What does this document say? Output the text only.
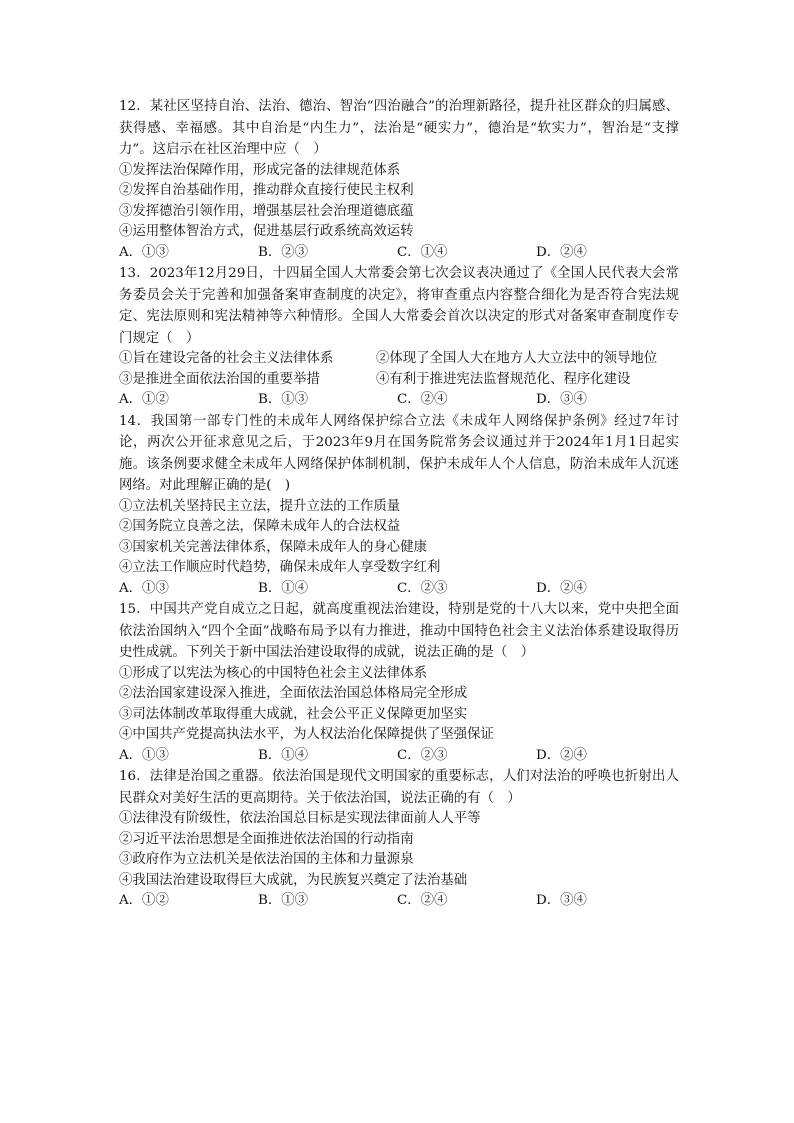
12．某社区坚持自治、法治、德治、智治“四治融合”的治理新路径，提升社区群众的归属感、获得感、幸福感。其中自治是“内生力”，法治是“硬实力”，德治是“软实力”，智治是“支撑力”。这启示在社区治理中应（　）

①发挥法治保障作用，形成完备的法律规范体系

②发挥自治基础作用，推动群众直接行使民主权利

③发挥德治引领作用，增强基层社会治理道德底蕴

④运用整体智治方式，促进基层行政系统高效运转

A．①③	B．②③	C．①④	D．②④

13．2023年12月29日，十四届全国人大常委会第七次会议表决通过了《全国人民代表大会常务委员会关于完善和加强备案审查制度的决定》，将审查重点内容整合细化为是否符合宪法规定、宪法原则和宪法精神等六种情形。全国人大常委会首次以决定的形式对备案审查制度作专门规定（　）

①旨在建设完备的社会主义法律体系	②体现了全国人大在地方人大立法中的领导地位

③是推进全面依法治国的重要举措	④有利于推进宪法监督规范化、程序化建设

A．①②	B．①③	C．②④	D．③④

14．我国第一部专门性的未成年人网络保护综合立法《未成年人网络保护条例》经过7年讨论，两次公开征求意见之后，于2023年9月在国务院常务会议通过并于2024年1月1日起实施。该条例要求健全未成年人网络保护体制机制，保护未成年人个人信息，防治未成年人沉迷网络。对此理解正确的是(　)

①立法机关坚持民主立法，提升立法的工作质量

②国务院立良善之法，保障未成年人的合法权益

③国家机关完善法律体系，保障未成年人的身心健康

④立法工作顺应时代趋势，确保未成年人享受数字红利

A．①③	B．①④	C．②③	D．②④

15．中国共产党自成立之日起，就高度重视法治建设，特别是党的十八大以来，党中央把全面依法治国纳入“四个全面”战略布局予以有力推进，推动中国特色社会主义法治体系建设取得历史性成就。下列关于新中国法治建设取得的成就，说法正确的是（　）

①形成了以宪法为核心的中国特色社会主义法律体系

②法治国家建设深入推进，全面依法治国总体格局完全形成

③司法体制改革取得重大成就，社会公平正义保障更加坚实

④中国共产党提高执法水平，为人权法治化保障提供了坚强保证

A．①③	B．①④	C．②③	D．②④

16．法律是治国之重器。依法治国是现代文明国家的重要标志，人们对法治的呼唤也折射出人民群众对美好生活的更高期待。关于依法治国，说法正确的有（　）

①法律没有阶级性，依法治国总目标是实现法律面前人人平等

②习近平法治思想是全面推进依法治国的行动指南

③政府作为立法机关是依法治国的主体和力量源泉

④我国法治建设取得巨大成就，为民族复兴奠定了法治基础

A．①②	B．①③	C．②④	D．③④
